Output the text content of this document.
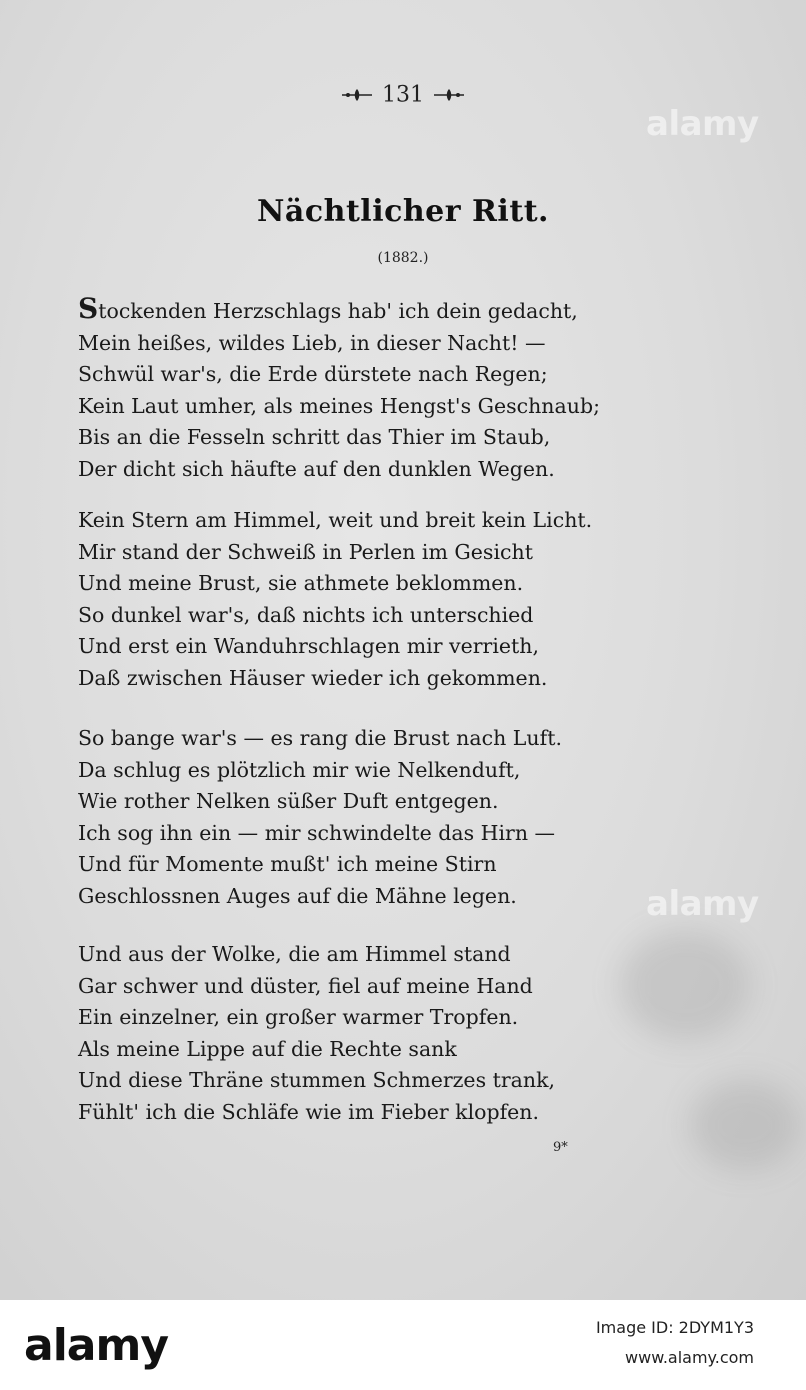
131
Nächtlicher Ritt.
(1882.)
Stockenden Herzschlags hab' ich dein gedacht,
Mein heißes, wildes Lieb, in dieser Nacht! —
Schwül war's, die Erde dürstete nach Regen;
Kein Laut umher, als meines Hengst's Geschnaub;
Bis an die Fesseln schritt das Thier im Staub,
Der dicht sich häufte auf den dunklen Wegen.
Kein Stern am Himmel, weit und breit kein Licht.
Mir stand der Schweiß in Perlen im Gesicht
Und meine Brust, sie athmete beklommen.
So dunkel war's, daß nichts ich unterschied
Und erst ein Wanduhrschlagen mir verrieth,
Daß zwischen Häuser wieder ich gekommen.
So bange war's — es rang die Brust nach Luft.
Da schlug es plötzlich mir wie Nelkenduft,
Wie rother Nelken süßer Duft entgegen.
Ich sog ihn ein — mir schwindelte das Hirn —
Und für Momente mußt' ich meine Stirn
Geschlossnen Auges auf die Mähne legen.
Und aus der Wolke, die am Himmel stand
Gar schwer und düster, fiel auf meine Hand
Ein einzelner, ein großer warmer Tropfen.
Als meine Lippe auf die Rechte sank
Und diese Thräne stummen Schmerzes trank,
Fühlt' ich die Schläfe wie im Fieber klopfen.
9*
alamy
alamy
alamy	Image ID: 2DYM1Y3
www.alamy.com
